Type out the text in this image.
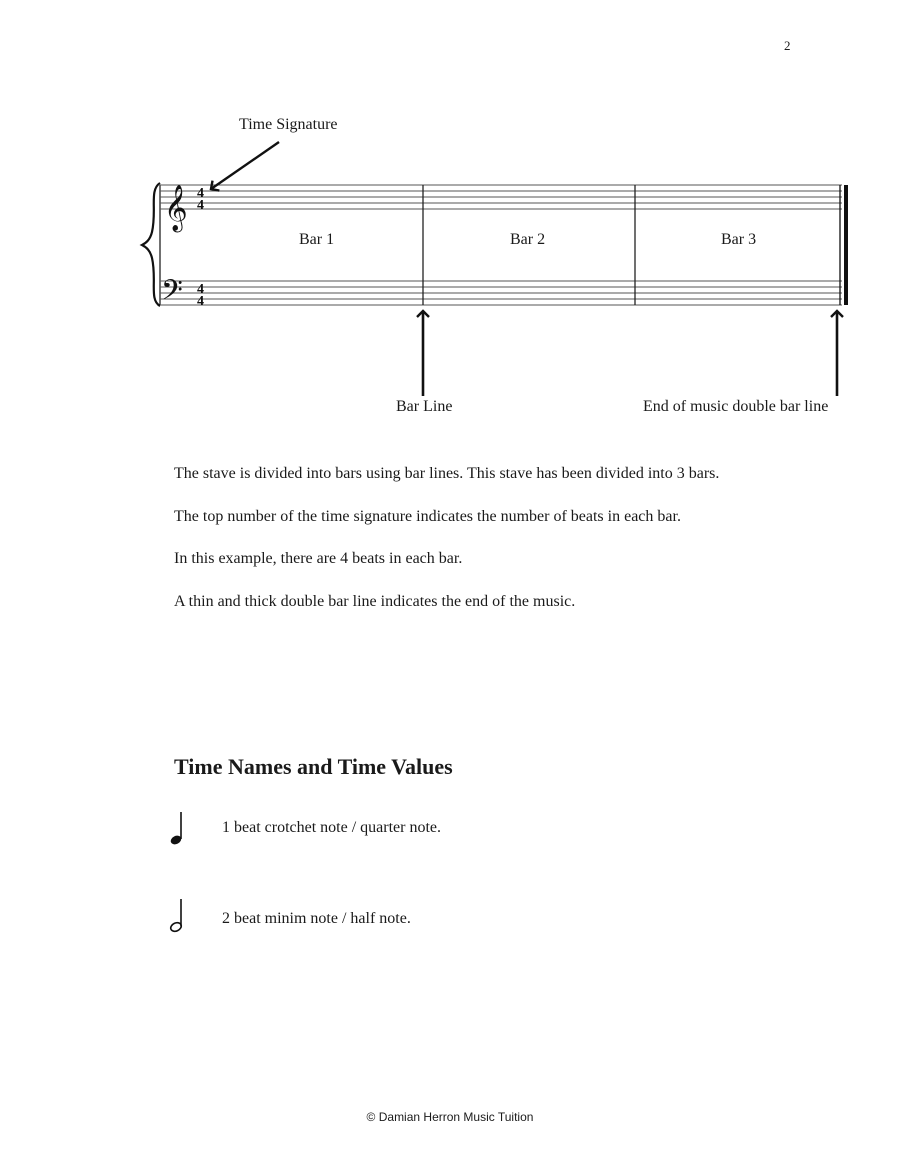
2
𝄞
𝄢
4
4
4
4
Time Signature
Bar 1	Bar 2	Bar 3
Bar Line	End of music double bar line
The stave is divided into bars using bar lines. This stave has been divided into 3 bars.
The top number of the time signature indicates the number of beats in each bar.
In this example, there are 4 beats in each bar.
A thin and thick double bar line indicates the end of the music.
Time Names and Time Values
1 beat crotchet note / quarter note.
2 beat minim note / half note.
© Damian Herron Music Tuition
